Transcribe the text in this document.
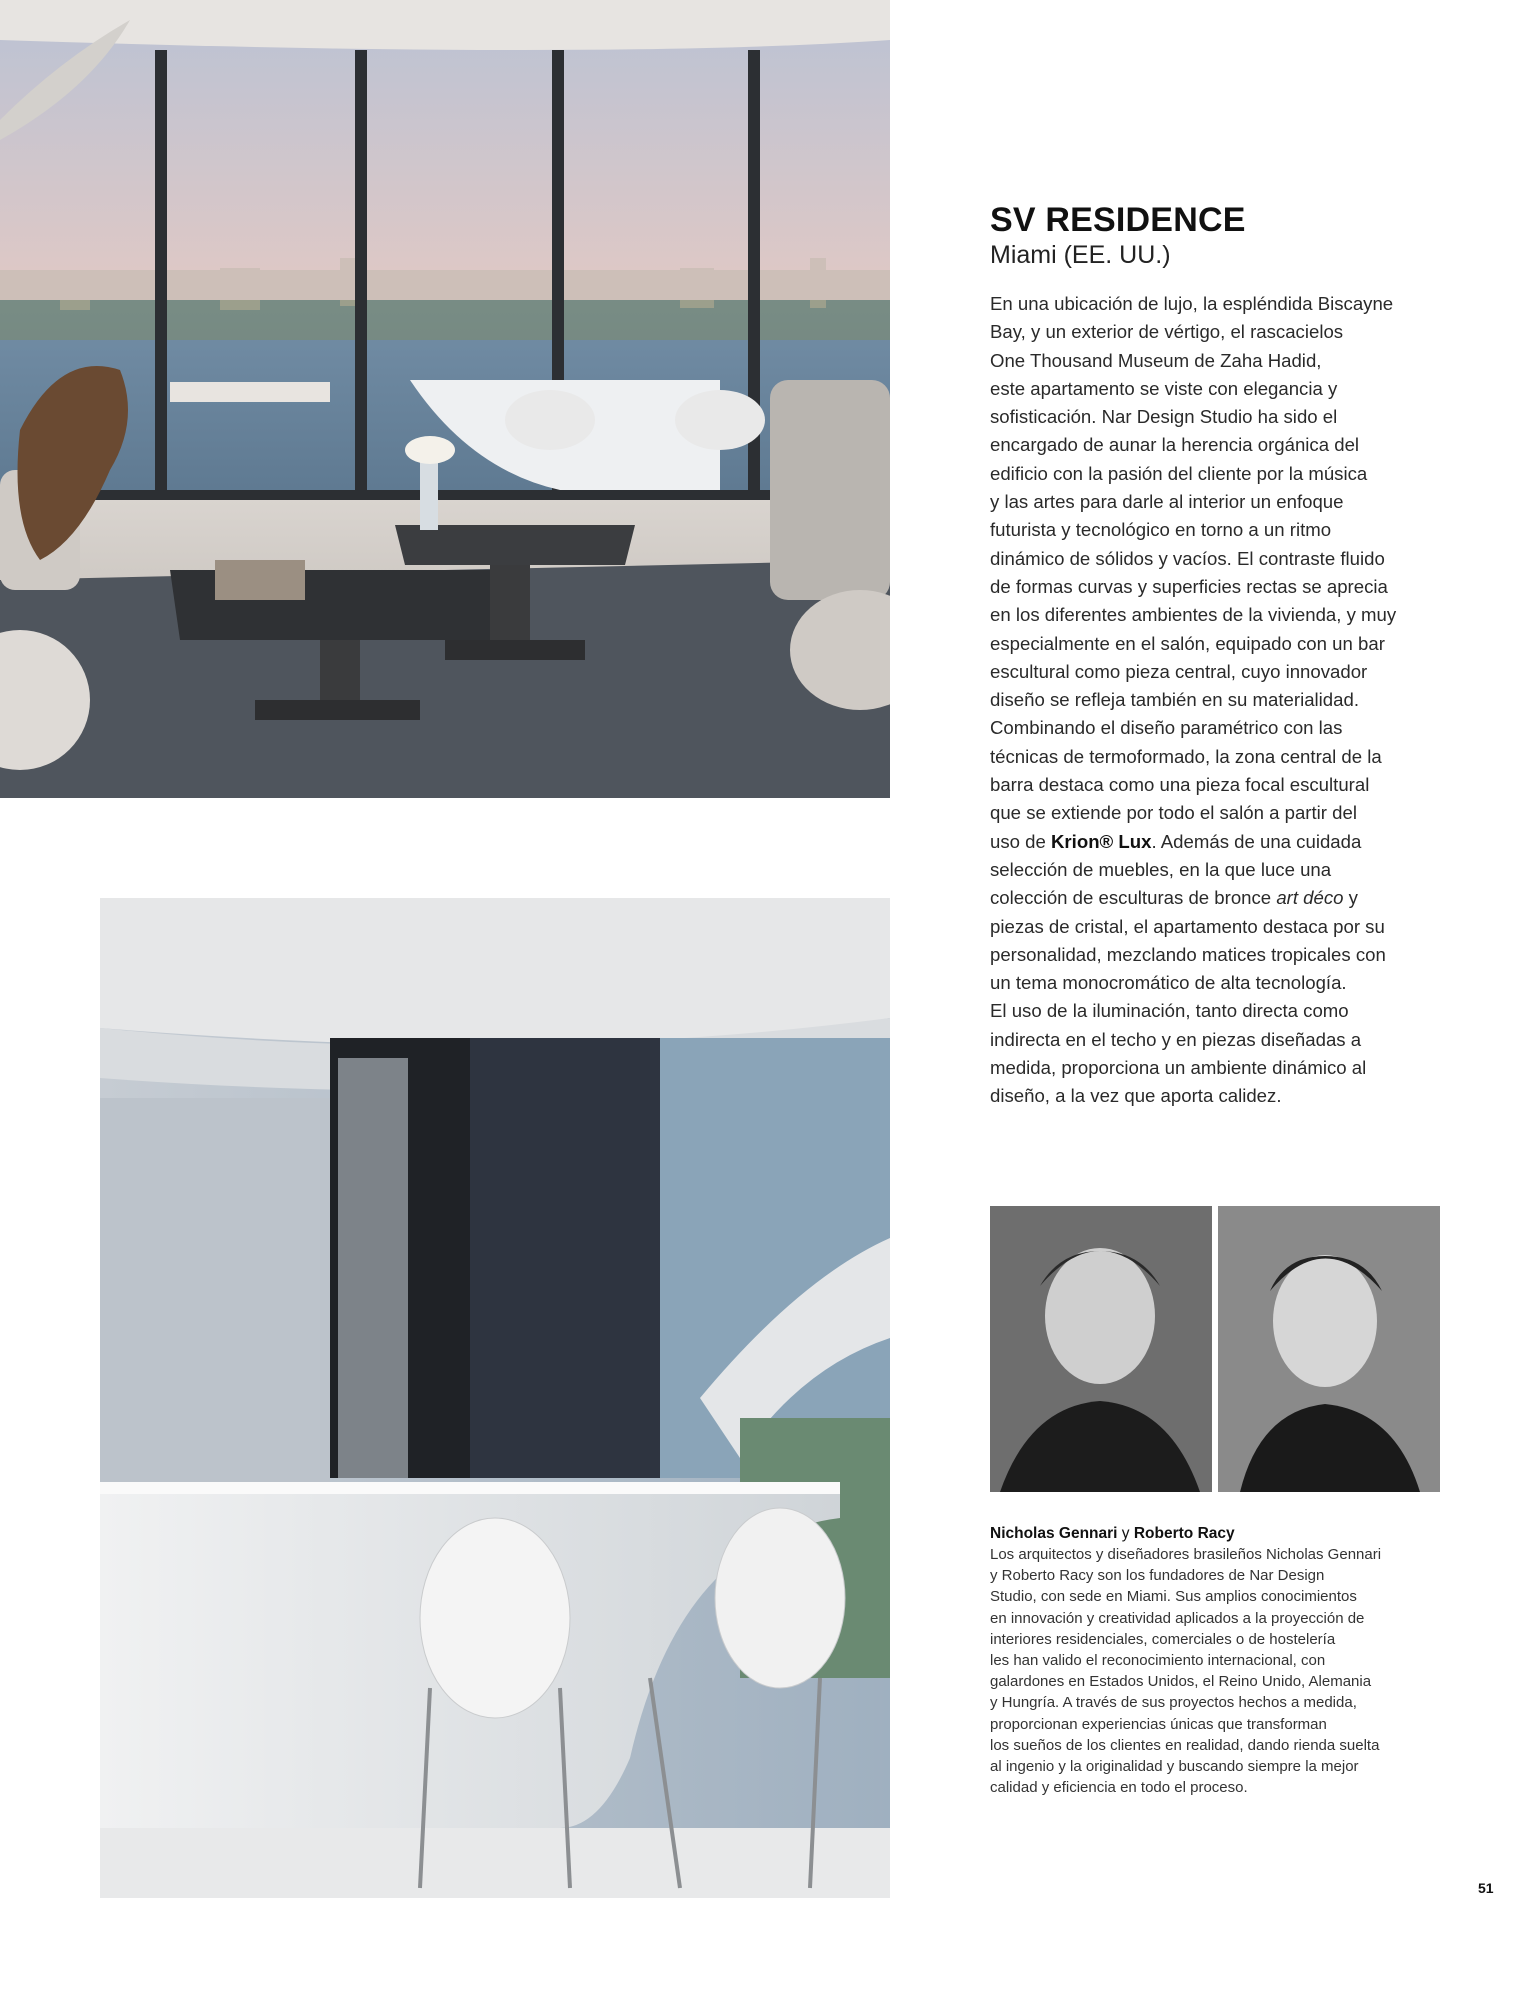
SV RESIDENCE
Miami (EE. UU.)
En una ubicación de lujo, la espléndida Biscayne
Bay, y un exterior de vértigo, el rascacielos
One Thousand Museum de Zaha Hadid,
este apartamento se viste con elegancia y
sofisticación. Nar Design Studio ha sido el
encargado de aunar la herencia orgánica del
edificio con la pasión del cliente por la música
y las artes para darle al interior un enfoque
futurista y tecnológico en torno a un ritmo
dinámico de sólidos y vacíos. El contraste fluido
de formas curvas y superficies rectas se aprecia
en los diferentes ambientes de la vivienda, y muy
especialmente en el salón, equipado con un bar
escultural como pieza central, cuyo innovador
diseño se refleja también en su materialidad.
Combinando el diseño paramétrico con las
técnicas de termoformado, la zona central de la
barra destaca como una pieza focal escultural
que se extiende por todo el salón a partir del
uso de Krion® Lux. Además de una cuidada
selección de muebles, en la que luce una
colección de esculturas de bronce art déco y
piezas de cristal, el apartamento destaca por su
personalidad, mezclando matices tropicales con
un tema monocromático de alta tecnología.
El uso de la iluminación, tanto directa como
indirecta en el techo y en piezas diseñadas a
medida, proporciona un ambiente dinámico al
diseño, a la vez que aporta calidez.
Nicholas Gennari y Roberto Racy
Los arquitectos y diseñadores brasileños Nicholas Gennari
y Roberto Racy son los fundadores de Nar Design
Studio, con sede en Miami. Sus amplios conocimientos
en innovación y creatividad aplicados a la proyección de
interiores residenciales, comerciales o de hostelería
les han valido el reconocimiento internacional, con
galardones en Estados Unidos, el Reino Unido, Alemania
y Hungría. A través de sus proyectos hechos a medida,
proporcionan experiencias únicas que transforman
los sueños de los clientes en realidad, dando rienda suelta
al ingenio y la originalidad y buscando siempre la mejor
calidad y eficiencia en todo el proceso.
51
